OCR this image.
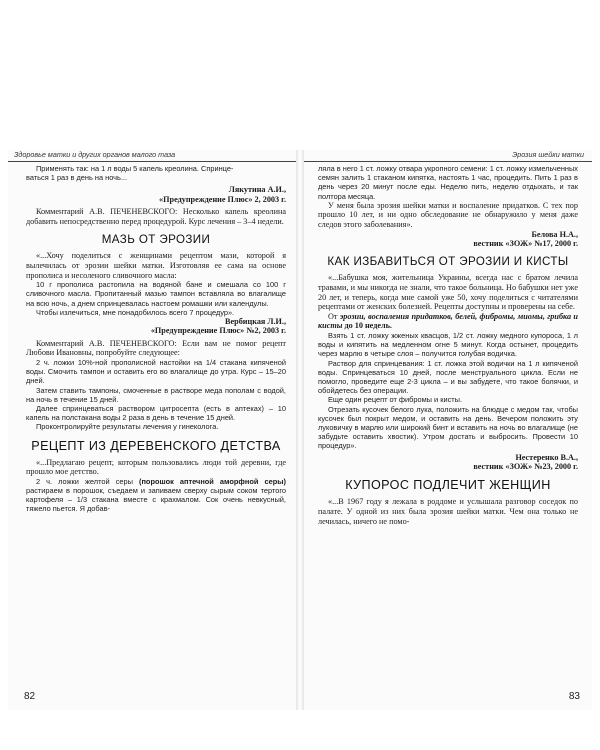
Здоровье матки и других органов малого таза

Применять так: на 1 л воды 5 капель креолина. Спринце-

ваться 1 раз в день на ночь...

Лякутина А.И.,

«Предупреждение Плюс» 2, 2003 г.

Комментарий А.В. ПЕЧЕНЕВСКОГО: Несколько капель креолина добавить непосредственно перед процедурой. Курс лечения – 3–4 недели.

МАЗЬ ОТ ЭРОЗИИ

«...Хочу поделиться с женщинами рецептом мази, которой я вылечилась от эрозии шейки матки. Изготовляя ее сама на основе прополиса и несоленого сливочного масла:

10 г прополиса растопила на водяной бане и смешала со 100 г сливочного масла. Пропитанный мазью тампон вставляла во влагалище на всю ночь, а днем спринцевалась настоем ромашки или календулы.

Чтобы излечиться, мне понадобилось всего 7 процедур».

Вербицкая Л.И.,

«Предупреждение Плюс» №2, 2003 г.

Комментарий А.В. ПЕЧЕНЕВСКОГО: Если вам не помог рецепт Любови Ивановны, попробуйте следующее:

2 ч. ложки 10%-ной прополисной настойки на 1/4 стакана кипяченой воды. Смочить тампон и оставить его во влагалище до утра. Курс – 15–20 дней.

Затем ставить тампоны, смоченные в растворе меда пополам с водой, на ночь в течение 15 дней.

Далее спринцеваться раствором цитросепта (есть в аптеках) – 10 капель на полстакана воды 2 раза в день в течение 15 дней.

Проконтролируйте результаты лечения у гинеколога.

РЕЦЕПТ ИЗ ДЕРЕВЕНСКОГО ДЕТСТВА

«...Предлагаю рецепт, которым пользовались люди той деревни, где прошло мое детство.

2 ч. ложки желтой серы (порошок аптечной аморфной серы) растираем в порошок, съедаем и запиваем сверху сырым соком тертого картофеля – 1/3 стакана вместе с крахмалом. Сок очень невкусный, тяжело пьется. Я добав-

82
Эрозия шейки матки

ляла в него 1 ст. ложку отвара укропного семени: 1 ст. ложку измельченных семян залить 1 стаканом кипятка, настоять 1 час, процедить. Пить 1 раз в день через 20 минут после еды. Неделю пить, неделю отдыхать, и так полтора месяца.

У меня была эрозия шейки матки и воспаление придатков. С тех пор прошло 10 лет, и ни одно обследование не обнаружило у меня даже следов этого заболевания».

Белова Н.А.,

вестник «ЗОЖ» №17, 2000 г.

КАК ИЗБАВИТЬСЯ ОТ ЭРОЗИИ И КИСТЫ

«...Бабушка моя, жительница Украины, всегда нас с братом лечила травами, и мы никогда не знали, что такое больница. Но бабушки нет уже 20 лет, и теперь, когда мне самой уже 50, хочу поделиться с читателями рецептами от женских болезней. Рецепты доступны и проверены на себе.

От эрозии, воспаления придатков, белей, фибромы, миомы, грибка и кисты до 10 недель.

Взять 1 ст. ложку жженых квасцов, 1/2 ст. ложку медного купороса, 1 л воды и кипятить на медленном огне 5 минут. Когда остынет, процедить через марлю в четыре слоя – получится голубая водичка.

Раствор для спринцевания: 1 ст. ложка этой водички на 1 л кипяченой воды. Спринцеваться 10 дней, после менструального цикла. Если не помогло, проведите еще 2-3 цикла – и вы забудете, что такое болячки, и обойдетесь без операции.

Еще один рецепт от фибромы и кисты.

Отрезать кусочек белого лука, положить на блюдце с медом так, чтобы кусочек был покрыт медом, и оставить на день. Вечером положить эту луковичку в марлю или широкий бинт и вставить на ночь во влагалище (не забудьте оставить хвостик). Утром достать и выбросить. Провести 10 процедур».

Нестеренко В.А.,

вестник «ЗОЖ» №23, 2000 г.

КУПОРОС ПОДЛЕЧИТ ЖЕНЩИН

«...В 1967 году я лежала в роддоме и услышала разговор соседок по палате. У одной из них была эрозия шейки матки. Чем она только не лечилась, ничего не помо-

83
